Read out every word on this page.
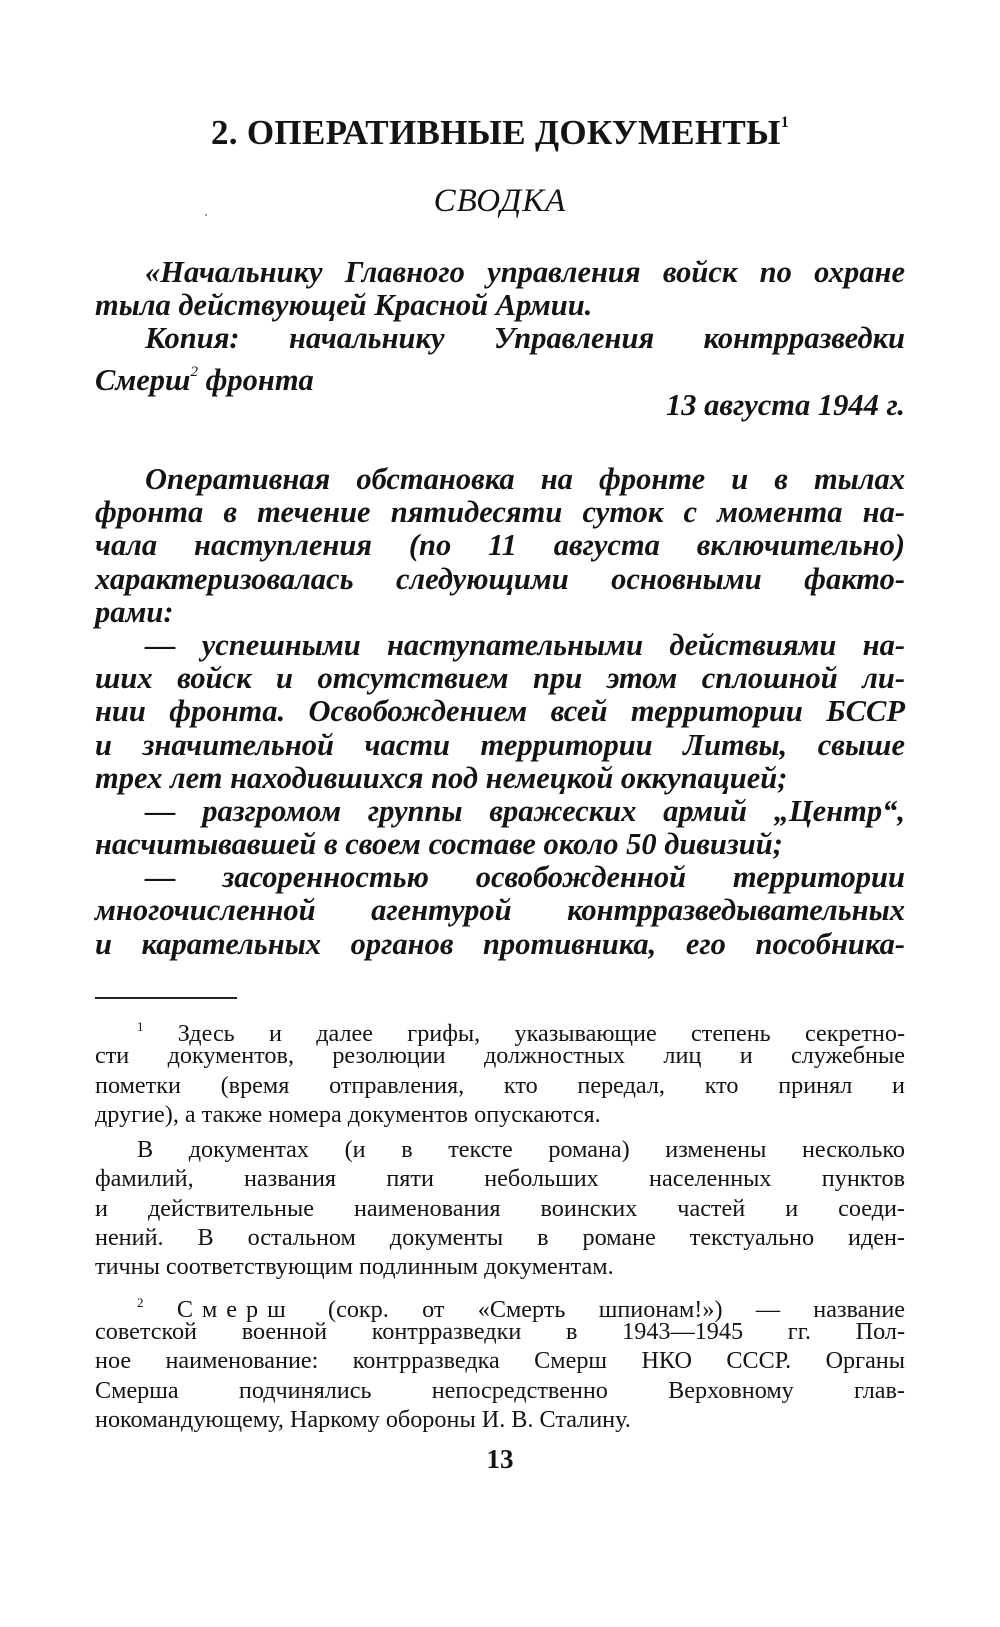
2. ОПЕРАТИВНЫЕ ДОКУМЕНТЫ$^1$
СВОДКА
«Начальнику Главного управления войск по охране
тыла действующей Красной Армии.
Копия: начальнику Управления контрразведки
Смерш$^2$ фронта
13 августа 1944 г.
Оперативная обстановка на фронте и в тылах
фронта в течение пятидесяти суток с момента на-
чала наступления (по 11 августа включительно)
характеризовалась следующими основными факто-
рами:
— успешными наступательными действиями на-
ших войск и отсутствием при этом сплошной ли-
нии фронта. Освобождением всей территории БССР
и значительной части территории Литвы, свыше
трех лет находившихся под немецкой оккупацией;
— разгромом группы вражеских армий „Центр“,
насчитывавшей в своем составе около 50 дивизий;
— засоренностью освобожденной территории
многочисленной агентурой контрразведывательных
и карательных органов противника, его пособника-
$^1$ Здесь и далее грифы, указывающие степень секретно-
сти документов, резолюции должностных лиц и служебные
пометки (время отправления, кто передал, кто принял и
другие), а также номера документов опускаются.
В документах (и в тексте романа) изменены несколько
фамилий, названия пяти небольших населенных пунктов
и действительные наименования воинских частей и соеди-
нений. В остальном документы в романе текстуально иден-
тичны соответствующим подлинным документам.
$^2$ Смерш (сокр. от «Смерть шпионам!») — название
советской военной контрразведки в 1943—1945 гг. Пол-
ное наименование: контрразведка Смерш НКО СССР. Органы
Смерша подчинялись непосредственно Верховному глав-
нокомандующему, Наркому обороны И. В. Сталину.
13
